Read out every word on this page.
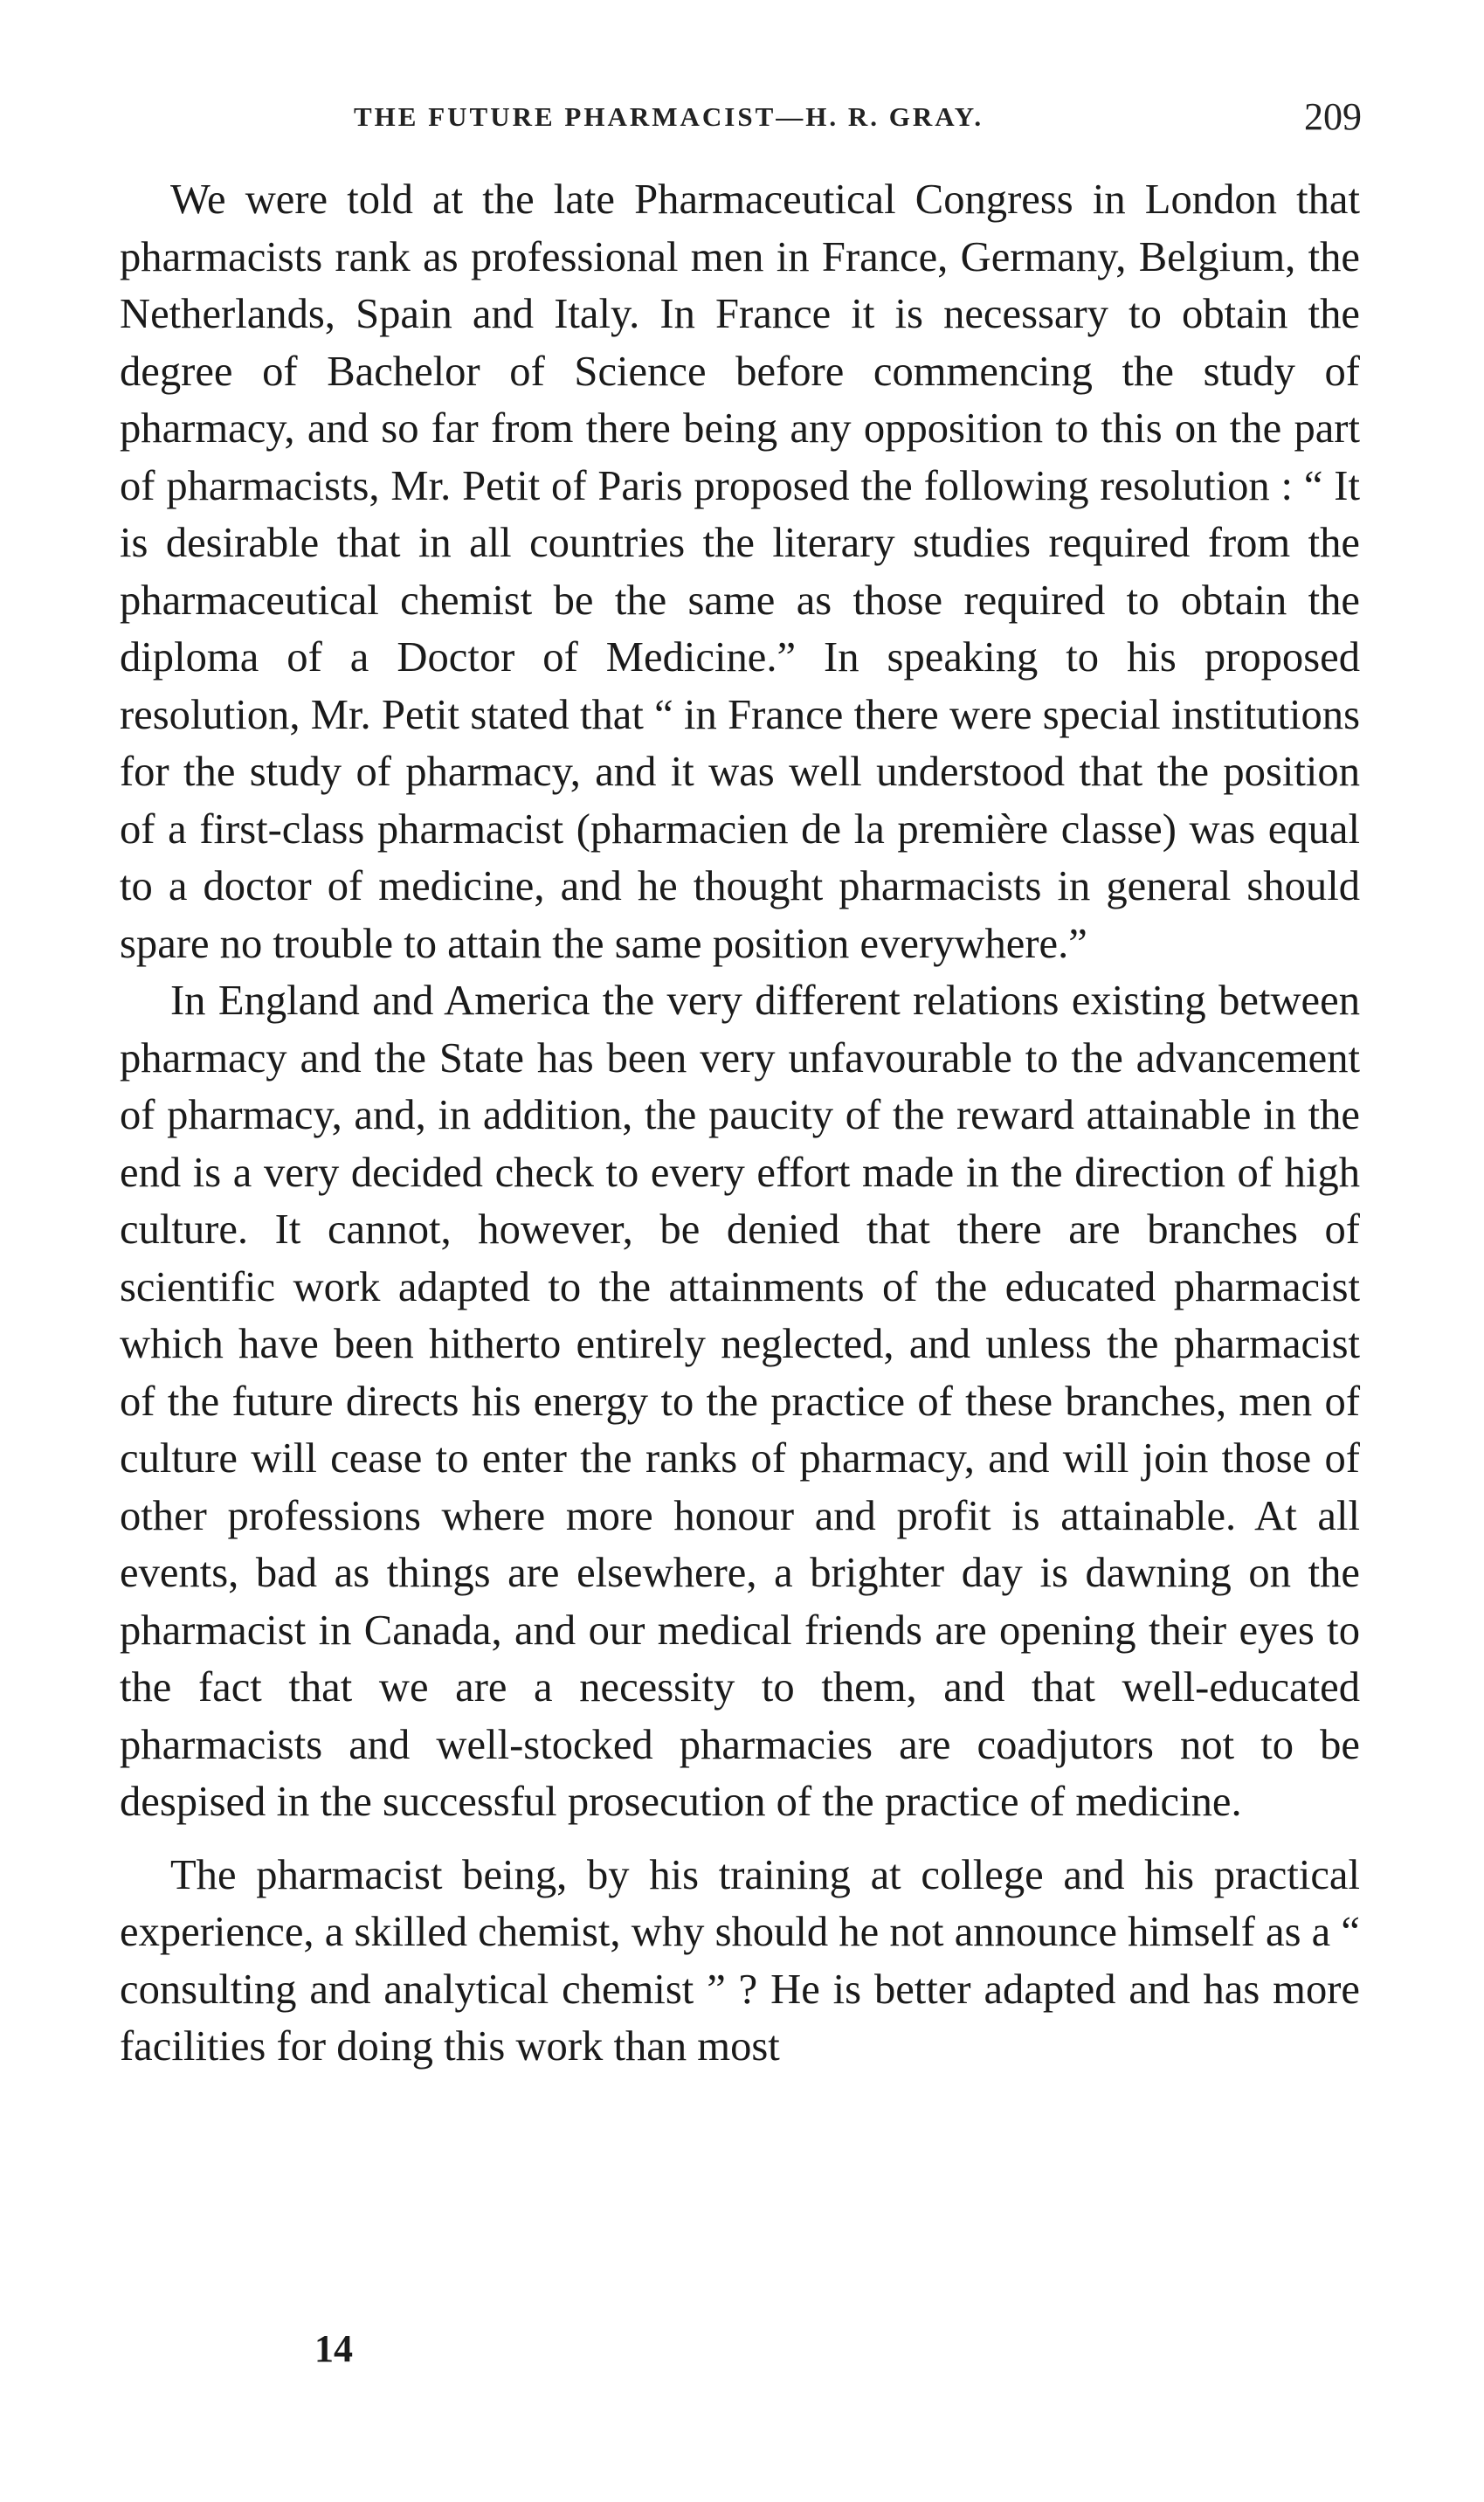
THE FUTURE PHARMACIST—H. R. GRAY.	209

We were told at the late Pharmaceutical Congress in London that pharmacists rank as professional men in France, Germany, Belgium, the Netherlands, Spain and Italy. In France it is necessary to obtain the degree of Bachelor of Science before commencing the study of pharmacy, and so far from there being any opposition to this on the part of pharmacists, Mr. Petit of Paris proposed the following resolution : “ It is desirable that in all countries the literary studies required from the pharmaceutical chemist be the same as those required to obtain the diploma of a Doctor of Medicine.” In speaking to his proposed resolution, Mr. Petit stated that “ in France there were special institutions for the study of pharmacy, and it was well understood that the position of a first-class pharmacist (pharmacien de la première classe) was equal to a doctor of medicine, and he thought pharmacists in general should spare no trouble to attain the same position everywhere.”

In England and America the very different relations existing between pharmacy and the State has been very unfavourable to the advancement of pharmacy, and, in addition, the paucity of the reward attainable in the end is a very decided check to every effort made in the direction of high culture. It cannot, however, be denied that there are branches of scientific work adapted to the attainments of the educated pharmacist which have been hitherto entirely neglected, and unless the pharmacist of the future directs his energy to the practice of these branches, men of culture will cease to enter the ranks of pharmacy, and will join those of other professions where more honour and profit is attainable. At all events, bad as things are elsewhere, a brighter day is dawning on the pharmacist in Canada, and our medical friends are opening their eyes to the fact that we are a necessity to them, and that well-educated pharmacists and well-stocked pharmacies are coadjutors not to be despised in the successful prosecution of the practice of medicine.

The pharmacist being, by his training at college and his practical experience, a skilled chemist, why should he not announce himself as a “ consulting and analytical chemist ” ? He is better adapted and has more facilities for doing this work than most

14
